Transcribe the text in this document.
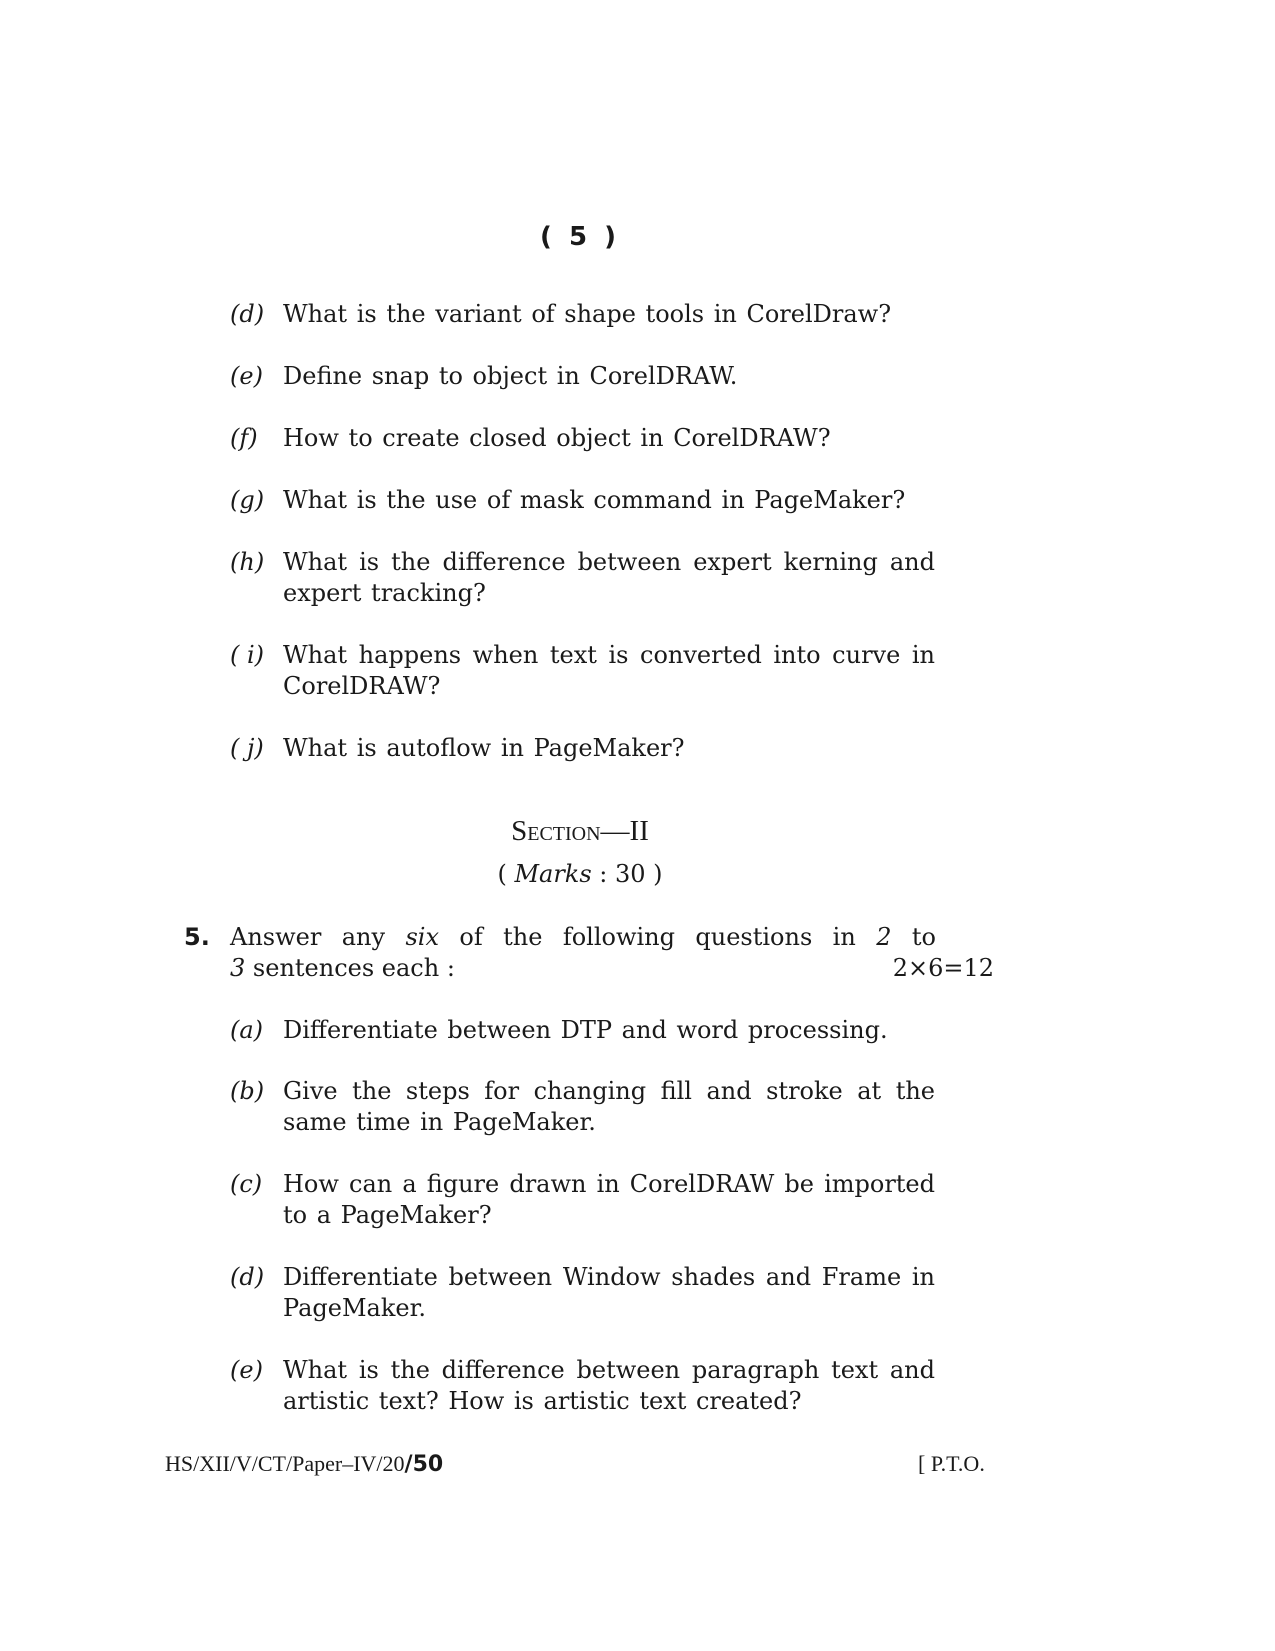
( 5 )
(d) What is the variant of shape tools in CorelDraw?
(e) Define snap to object in CorelDRAW.
(f)	How to create closed object in CorelDRAW?
(g) What is the use of mask command in PageMaker?
(h) What is the difference between expert kerning and expert tracking?
( i) What happens when text is converted into curve in CorelDRAW?
( j) What is autoflow in PageMaker?
Section—II
( Marks : 30 )
5. Answer any six of the following questions in 2 to
3 sentences each :	2×6=12
(a) Differentiate between DTP and word processing.
(b) Give the steps for changing fill and stroke at the same time in PageMaker.
(c) How can a figure drawn in CorelDRAW be imported to a PageMaker?
(d) Differentiate between Window shades and Frame in PageMaker.
(e) What is the difference between paragraph text and artistic text? How is artistic text created?
HS/XII/V/CT/Paper–IV/20/50	[ P.T.O.
